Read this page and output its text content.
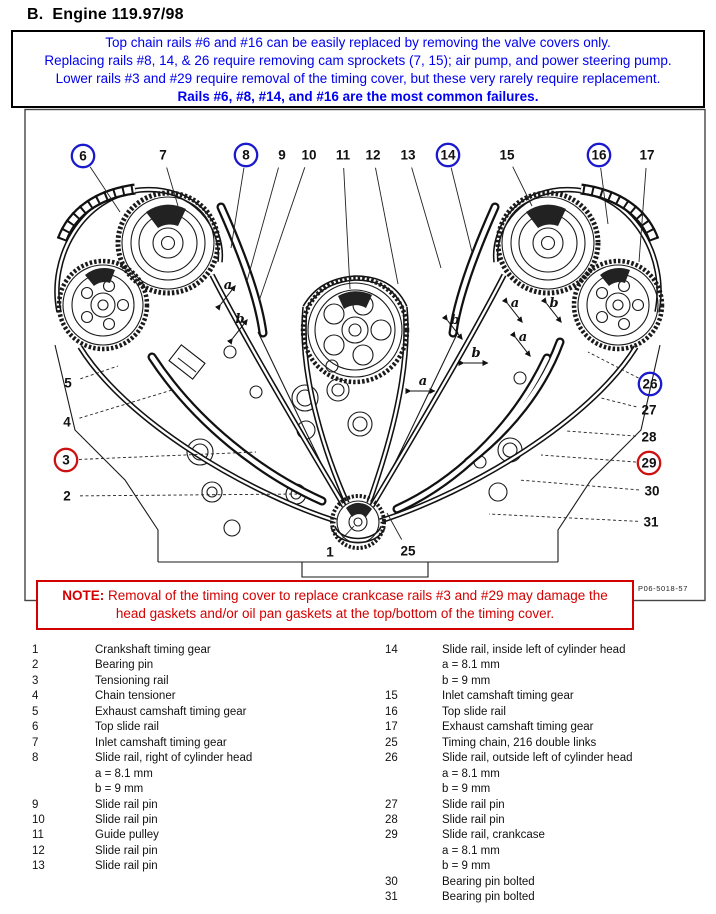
B. Engine 119.97/98
Top chain rails #6 and #16 can be easily replaced by removing the valve covers only.
Replacing rails #8, 14, & 26 require removing cam sprockets (7, 15); air pump, and power steering pump.
Lower rails #3 and #29 require removal of the timing cover, but these very rarely require replacement.
Rails #6, #8, #14, and #16 are the most common failures.
a
b
a
b
b
a
b
a
6	7	8 9 10 11 12 13 14	15	16 17
5
4
3
2
26
27
28
29
30
31
1	25
NOTE: Removal of the timing cover to replace crankcase rails #3 and #29 may damage the head gaskets and/or oil pan gaskets at the top/bottom of the timing cover.
P06-5018-57
1	Crankshaft timing gear
2	Bearing pin
3	Tensioning rail
4	Chain tensioner
5	Exhaust camshaft timing gear
6	Top slide rail
7	Inlet camshaft timing gear
8	Slide rail, right of cylinder head
a = 8.1 mm
b = 9 mm
9	Slide rail pin
10	Slide rail pin
11	Guide pulley
12	Slide rail pin
13	Slide rail pin
14	Slide rail, inside left of cylinder head
a = 8.1 mm
b = 9 mm
15	Inlet camshaft timing gear
16	Top slide rail
17	Exhaust camshaft timing gear
25	Timing chain, 216 double links
26	Slide rail, outside left of cylinder head
a = 8.1 mm
b = 9 mm
27	Slide rail pin
28	Slide rail pin
29	Slide rail, crankcase
a = 8.1 mm
b = 9 mm
30	Bearing pin bolted
31	Bearing pin bolted
